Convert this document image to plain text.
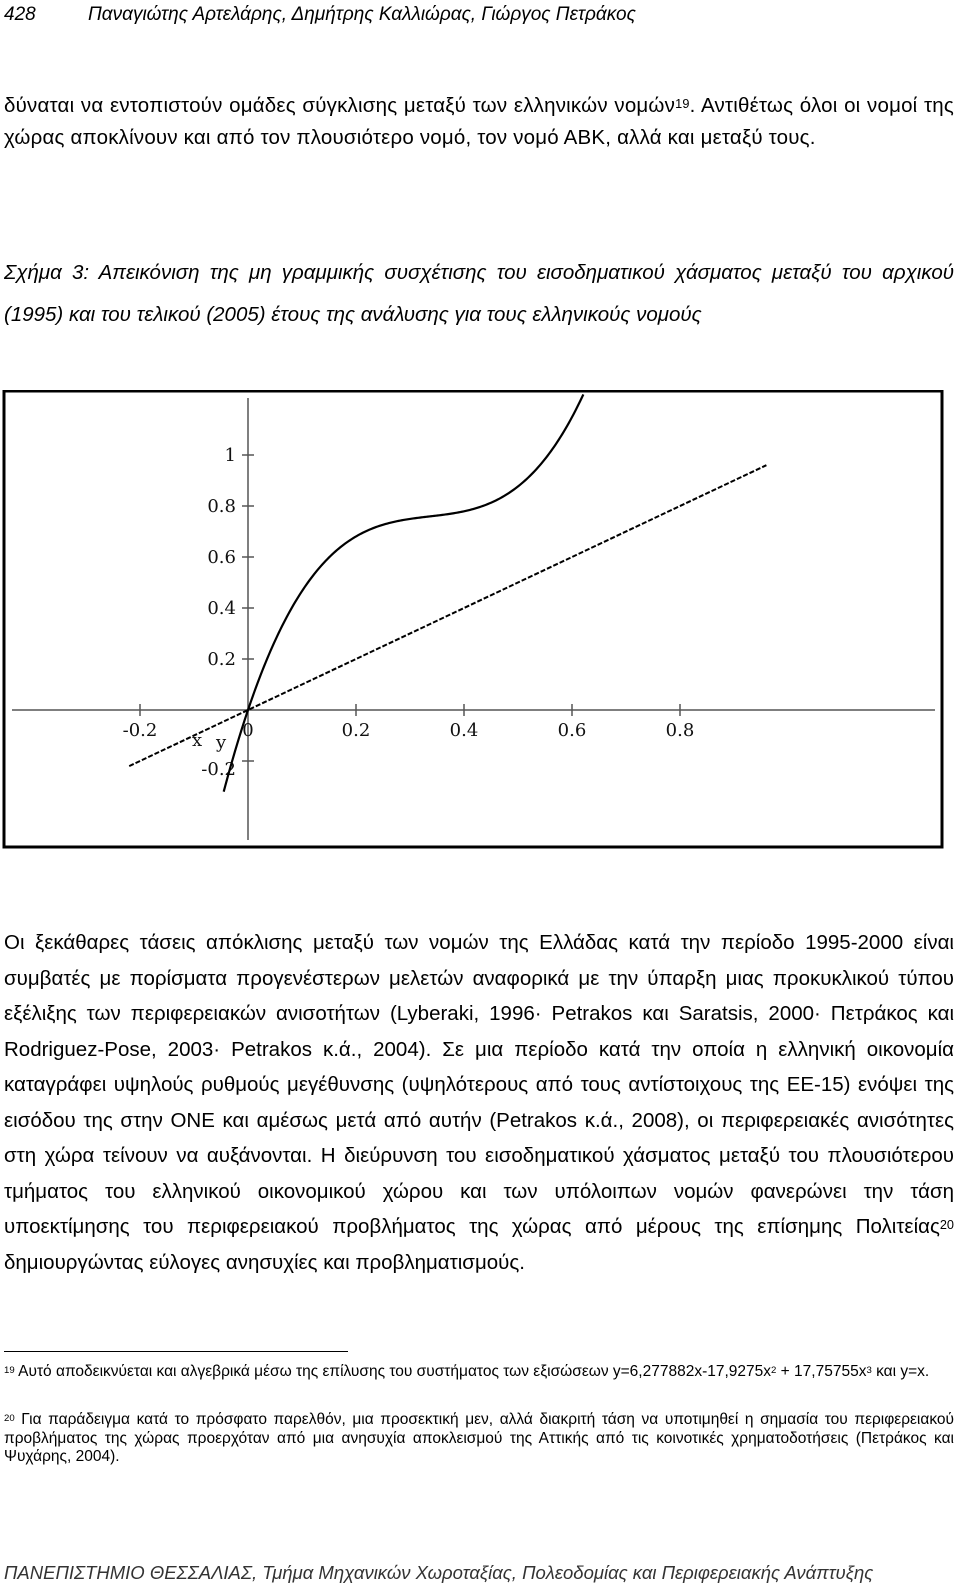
428	Παναγιώτης Αρτελάρης, Δημήτρης Καλλιώρας, Γιώργος Πετράκος
δύναται να εντοπιστούν ομάδες σύγκλισης μεταξύ των ελληνικών νομών$^{19}$. Αντιθέτως όλοι οι νομοί της χώρας αποκλίνουν και από τον πλουσιότερο νομό, τον νομό ΑΒΚ, αλλά και μεταξύ τους.
Σχήμα 3: Απεικόνιση της μη γραμμικής συσχέτισης του εισοδηματικού χάσματος μεταξύ του αρχικού (1995) και του τελικού (2005) έτους της ανάλυσης για τους ελληνικούς νομούς
-0.2	0.2	0.4	0.6	0.8
0
1
0.8
0.6
0.4
0.2
-0.2
x y
Οι ξεκάθαρες τάσεις απόκλισης μεταξύ των νομών της Ελλάδας κατά την περίοδο 1995-2000 είναι συμβατές με πορίσματα προγενέστερων μελετών αναφορικά με την ύπαρξη μιας προκυκλικού τύπου εξέλιξης των περιφερειακών ανισοτήτων (Lyberaki, 1996· Petrakos και Saratsis, 2000· Πετράκος και Rodriguez-Pose, 2003· Petrakos κ.ά., 2004). Σε μια περίοδο κατά την οποία η ελληνική οικονομία καταγράφει υψηλούς ρυθμούς μεγέθυνσης (υψηλότερους από τους αντίστοιχους της ΕΕ-15) ενόψει της εισόδου της στην ΟΝΕ και αμέσως μετά από αυτήν (Petrakos κ.ά., 2008), οι περιφερειακές ανισότητες στη χώρα τείνουν να αυξάνονται. Η διεύρυνση του εισοδηματικού χάσματος μεταξύ του πλουσιότερου τμήματος του ελληνικού οικονομικού χώρου και των υπόλοιπων νομών φανερώνει την τάση υποεκτίμησης του περιφερειακού προβλήματος της χώρας από μέρους της επίσημης Πολιτείας$^{20}$ δημιουργώντας εύλογες ανησυχίες και προβληματισμούς.
$^{19}$ Αυτό αποδεικνύεται και αλγεβρικά μέσω της επίλυσης του συστήματος των εξισώσεων $y=6,277882x-17,9275x^2 + 17,75755x^3$ και y=x.
$^{20}$ Για παράδειγμα κατά το πρόσφατο παρελθόν, μια προσεκτική μεν, αλλά διακριτή τάση να υποτιμηθεί η σημασία του περιφερειακού προβλήματος της χώρας προερχόταν από μια ανησυχία αποκλεισμού της Αττικής από τις κοινοτικές χρηματοδοτήσεις (Πετράκος και Ψυχάρης, 2004).
ΠΑΝΕΠΙΣΤΗΜΙΟ ΘΕΣΣΑΛΙΑΣ, Τμήμα Μηχανικών Χωροταξίας, Πολεοδομίας και Περιφερειακής Ανάπτυξης
